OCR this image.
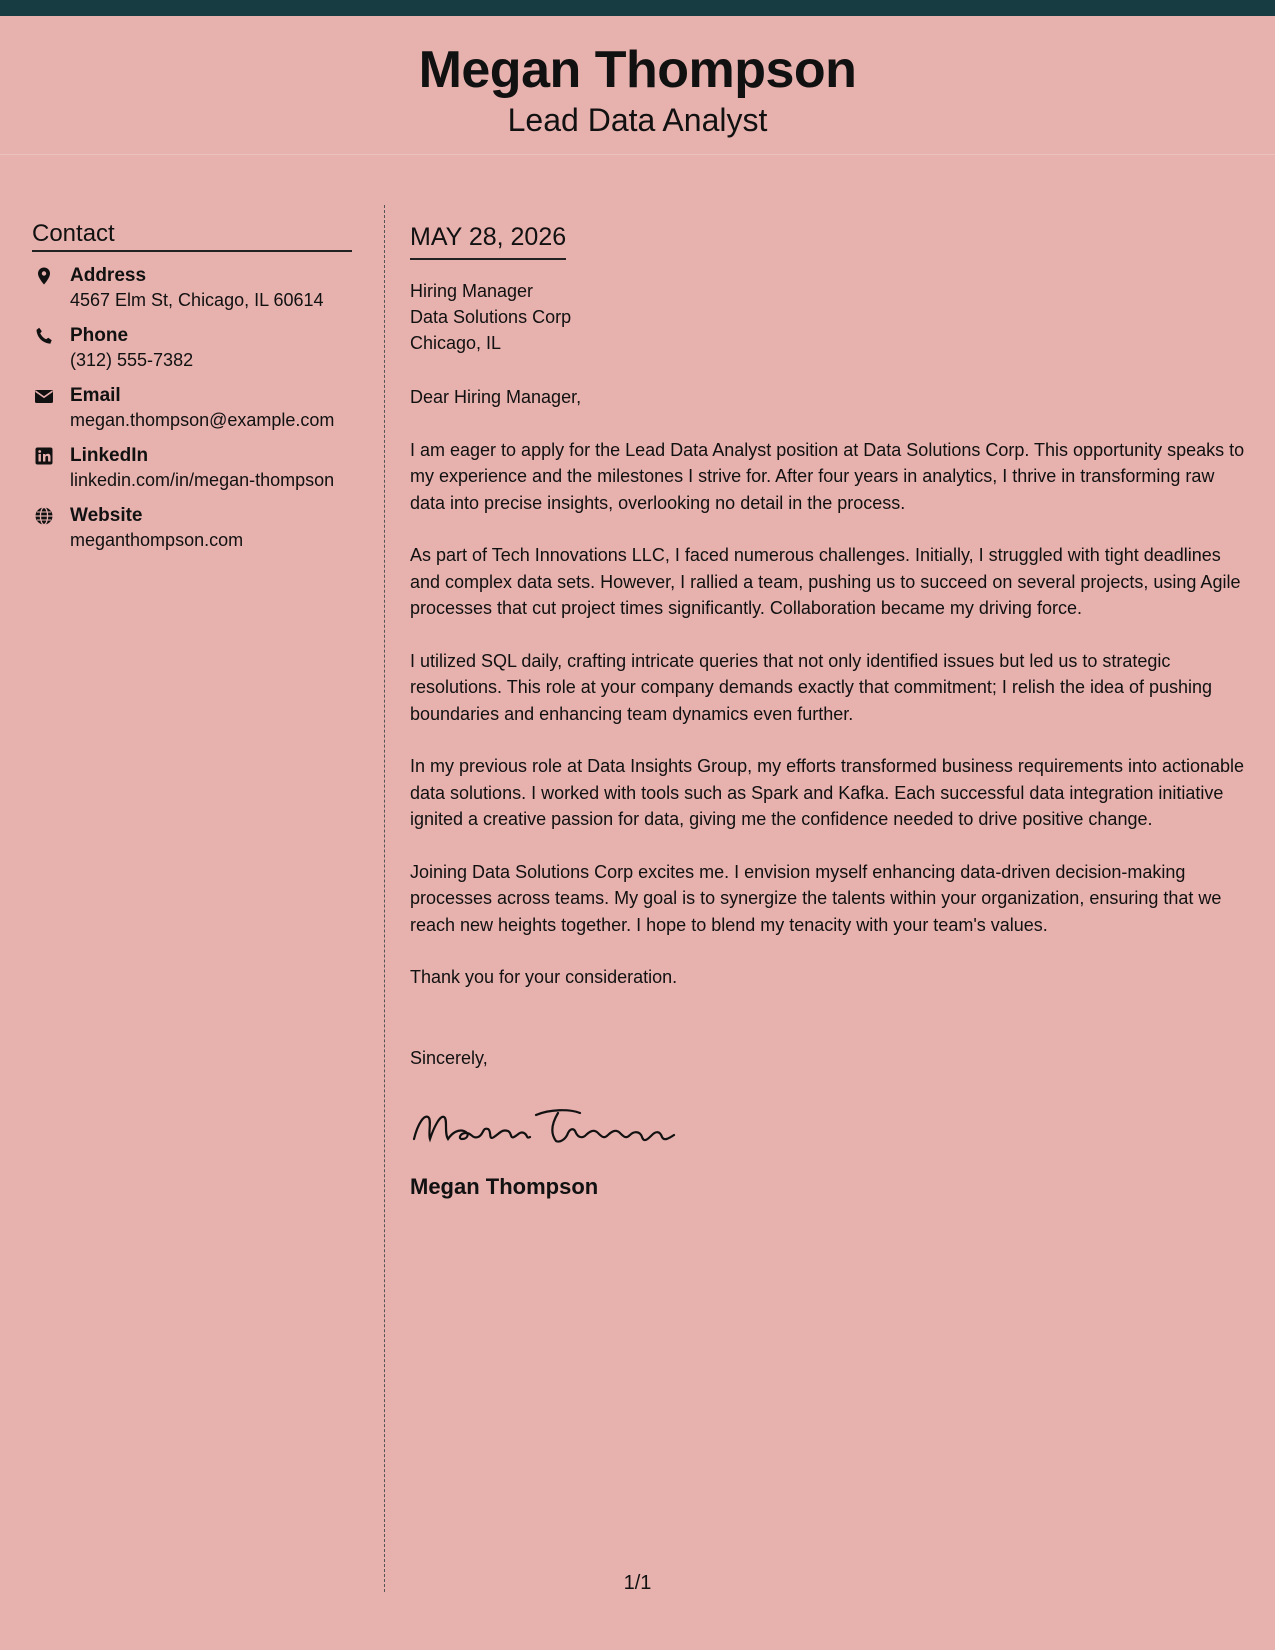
Megan Thompson
Lead Data Analyst
Contact
Address
4567 Elm St, Chicago, IL 60614
Phone
(312) 555-7382
Email
megan.thompson@example.com
LinkedIn
linkedin.com/in/megan-thompson
Website
meganthompson.com
MAY 28, 2026
Hiring Manager
Data Solutions Corp
Chicago, IL
Dear Hiring Manager,
I am eager to apply for the Lead Data Analyst position at Data Solutions Corp. This opportunity speaks to my experience and the milestones I strive for. After four years in analytics, I thrive in transforming raw data into precise insights, overlooking no detail in the process.
As part of Tech Innovations LLC, I faced numerous challenges. Initially, I struggled with tight deadlines and complex data sets. However, I rallied a team, pushing us to succeed on several projects, using Agile processes that cut project times significantly. Collaboration became my driving force.
I utilized SQL daily, crafting intricate queries that not only identified issues but led us to strategic resolutions. This role at your company demands exactly that commitment; I relish the idea of pushing boundaries and enhancing team dynamics even further.
In my previous role at Data Insights Group, my efforts transformed business requirements into actionable data solutions. I worked with tools such as Spark and Kafka. Each successful data integration initiative ignited a creative passion for data, giving me the confidence needed to drive positive change.
Joining Data Solutions Corp excites me. I envision myself enhancing data-driven decision-making processes across teams. My goal is to synergize the talents within your organization, ensuring that we reach new heights together. I hope to blend my tenacity with your team's values.
Thank you for your consideration.
Sincerely,
Megan Thompson
1/1
